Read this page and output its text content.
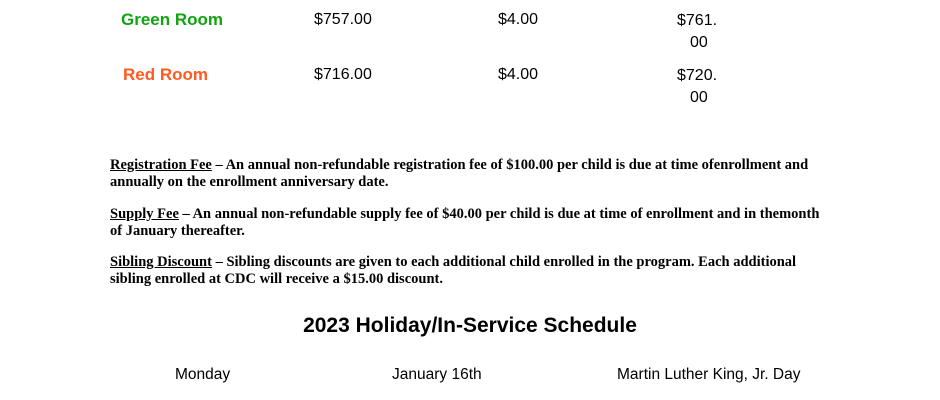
Green Room	$757.00	$4.00	$761.
00
Red Room	$716.00	$4.00	$720.
00

Registration Fee – An annual non-refundable registration fee of $100.00 per child is due at time ofenrollment and annually on the enrollment anniversary date.

Supply Fee – An annual non-refundable supply fee of $40.00 per child is due at time of enrollment and in themonth of January thereafter.

Sibling Discount – Sibling discounts are given to each additional child enrolled in the program. Each additional sibling enrolled at CDC will receive a $15.00 discount.

2023 Holiday/In-Service Schedule
Monday	January 16th	Martin Luther King, Jr. Day
